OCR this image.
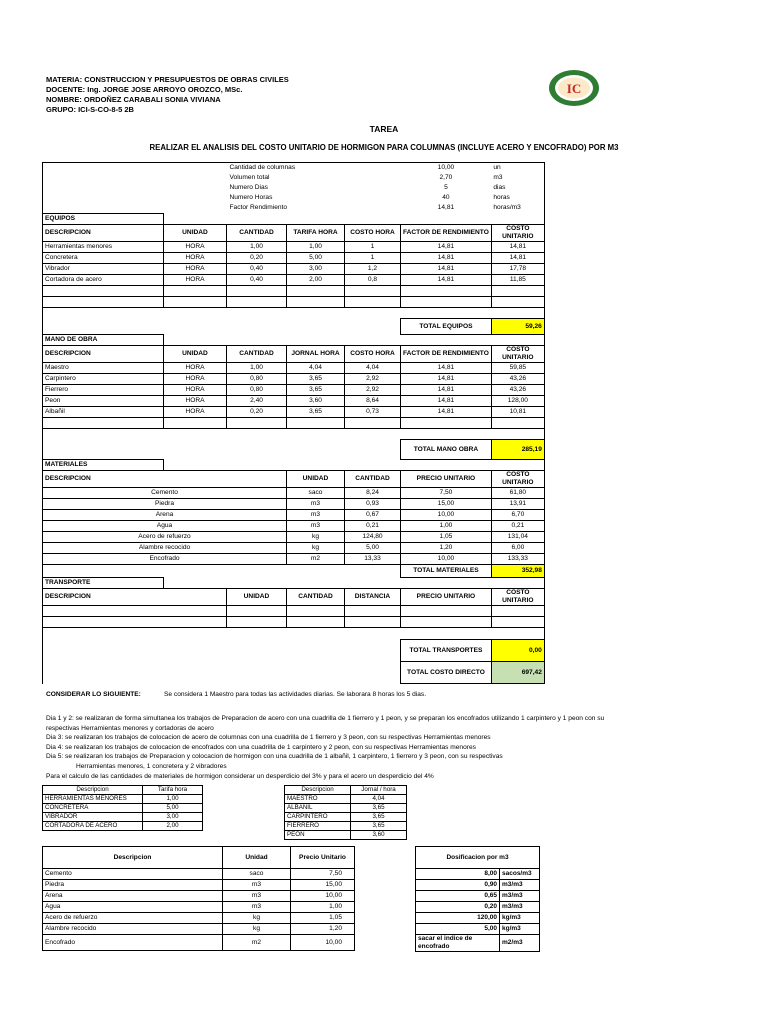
MATERIA: CONSTRUCCION Y PRESUPUESTOS DE OBRAS CIVILES
DOCENTE: Ing. JORGE JOSE ARROYO OROZCO, MSc.
NOMBRE: ORDOÑEZ CARABALI SONIA VIVIANA
GRUPO: ICI-S-CO-8-5 2B
IC
TAREA
REALIZAR EL ANALISIS DEL COSTO UNITARIO DE HORMIGON PARA COLUMNAS (INCLUYE ACERO Y ENCOFRADO) POR M3
		Cantidad de columnas			10,00	un
		Volumen total			2,70	m3
		Numero Dias			5	dias
		Numero Horas			40	horas
		Factor Rendimiento			14,81	horas/m3
EQUIPOS						
DESCRIPCION	UNIDAD	CANTIDAD	TARIFA HORA	COSTO HORA	FACTOR DE RENDIMIENTO	COSTO UNITARIO
Herramientas menores	HORA	1,00	1,00	1	14,81	14,81
Concretera	HORA	0,20	5,00	1	14,81	14,81
Vibrador	HORA	0,40	3,00	1,2	14,81	17,78
Cortadora de acero	HORA	0,40	2,00	0,8	14,81	11,85

					TOTAL EQUIPOS	59,26
MANO DE OBRA						
DESCRIPCION	UNIDAD	CANTIDAD	JORNAL HORA	COSTO HORA	FACTOR DE RENDIMIENTO	COSTO UNITARIO
Maestro	HORA	1,00	4,04	4,04	14,81	59,85
Carpintero	HORA	0,80	3,65	2,92	14,81	43,26
Fierrero	HORA	0,80	3,65	2,92	14,81	43,26
Peon	HORA	2,40	3,60	8,64	14,81	128,00
Albañil	HORA	0,20	3,65	0,73	14,81	10,81

					TOTAL MANO OBRA	285,19
MATERIALES						
DESCRIPCION			UNIDAD	CANTIDAD	PRECIO UNITARIO	COSTO UNITARIO
Cemento			saco	8,24	7,50	61,80
Piedra			m3	0,93	15,00	13,91
Arena			m3	0,67	10,00	6,70
Agua			m3	0,21	1,00	0,21
Acero de refuerzo			kg	124,80	1,05	131,04
Alambre recocido			kg	5,00	1,20	6,00
Encofrado			m2	13,33	10,00	133,33
					TOTAL MATERIALES	352,98
TRANSPORTE						
DESCRIPCION		UNIDAD	CANTIDAD	DISTANCIA	PRECIO UNITARIO	COSTO UNITARIO

					TOTAL TRANSPORTES	0,00
					TOTAL COSTO DIRECTO	697,42
CONSIDERAR LO SIGUIENTE:	Se considera 1 Maestro para todas las actividades diarias. Se laborara 8 horas los 5 dias.
Dia 1 y 2: se realizaran de forma simultanea los trabajos de Preparacion de acero con una cuadrilla de 1 fierrero y 1 peon, y se preparan los encofrados utilizando 1 carpintero y 1 peon con su
respectivas Herramientas menores y cortadoras de acero
Dia 3: se realizaran los trabajos de colocacion de acero de columnas con una cuadrilla de 1 fierrero y 3 peon, con su respectivas Herramientas menores
Dia 4: se realizaran los trabajos de colocacion de encofrados con una cuadrilla de 1 carpintero y 2 peon, con su respectivas Herramientas menores
Dia 5: se realizaran los trabajos de Preparacion y colocacion de hormigon con una cuadrilla de 1 albañil, 1 carpintero, 1 fierrero y 3 peon, con su respectivas
Herramientas menores, 1 concretera y 2 vibradores
Para el calculo de las cantidades de materiales de hormigon considerar un desperdicio del 3% y para el acero un desperdicio del 4%
Descripcion	Tarifa hora
HERRAMIENTAS MENORES	1,00
CONCRETERA	5,00
VIBRADOR	3,00
CORTADORA DE ACERO	2,00
Descripcion	Jornal / hora
MAESTRO	4,04
ALBANIL	3,65
CARPINTERO	3,65
FIERRERO	3,65
PEON	3,60
Descripcion	Unidad	Precio Unitario
Cemento	saco	7,50
Piedra	m3	15,00
Arena	m3	10,00
Agua	m3	1,00
Acero de refuerzo	kg	1,05
Alambre recocido	kg	1,20
Encofrado	m2	10,00
Dosificacion por m3	
8,00	sacos/m3
0,90	m3/m3
0,65	m3/m3
0,20	m3/m3
120,00	kg/m3
5,00	kg/m3
sacar el indice de encofrado	m2/m3
